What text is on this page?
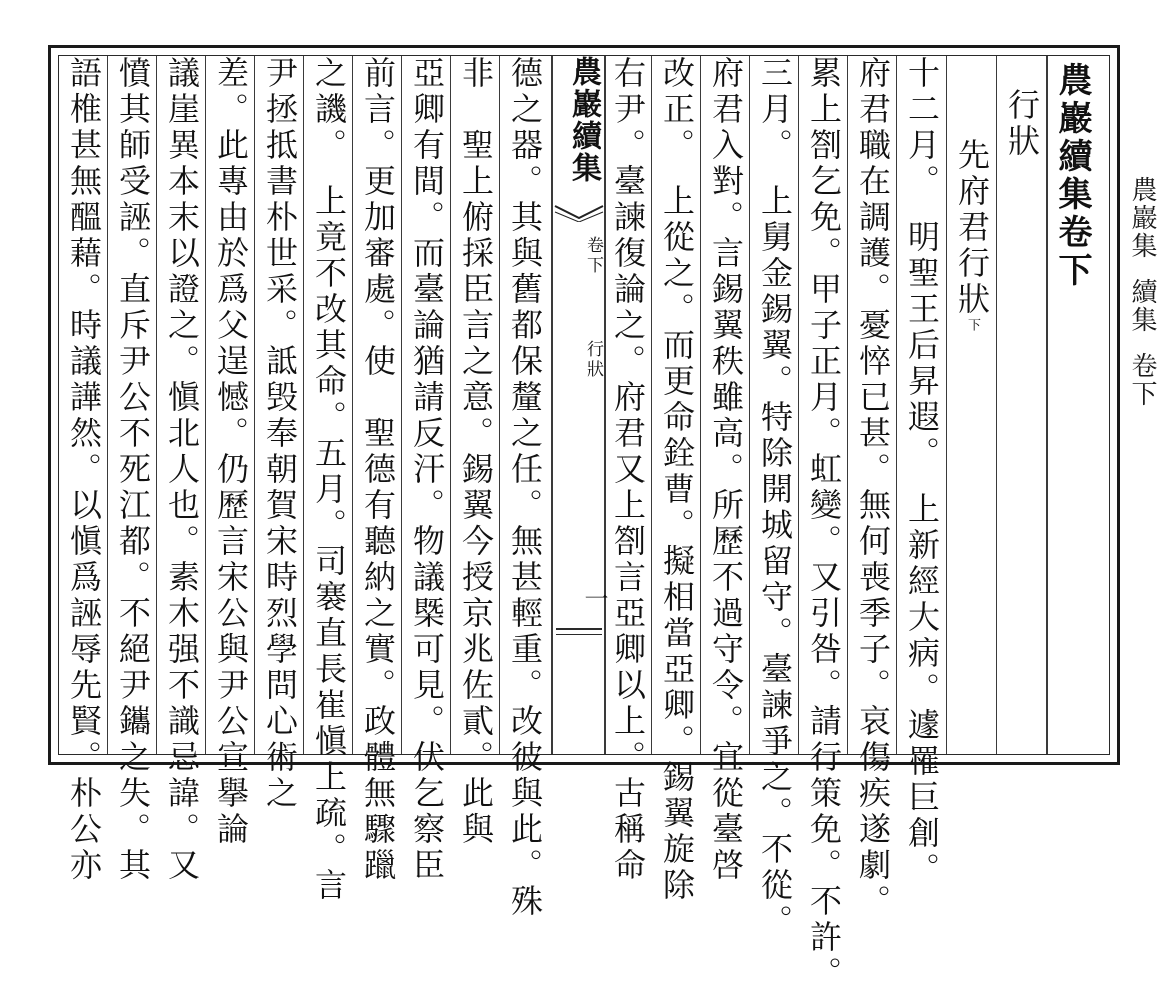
農巖續集卷下
行狀
先府君行狀下
十二月。　明聖王后昇遐。　上新經大病。遽罹巨創。
府君職在調護。憂悴已甚。無何喪季子。哀傷疾遂劇。
累上劄乞免。甲子正月。虹變。又引咎。請行策免。不許。
三月。　上舅金錫翼。特除開城留守。臺諫爭之。不從。
府君入對。言錫翼秩雖高。所歷不過守令。宜從臺啓
改正。　上從之。而更命銓曹。擬相當亞卿。錫翼旋除
右尹。臺諫復論之。府君又上劄言亞卿以上。古稱命
農巖續集
卷下
行狀
一
德之器。其與舊都保釐之任。無甚輕重。改彼與此。殊
非　聖上俯採臣言之意。錫翼今授京兆佐貳。此與
亞卿有間。而臺論猶請反汗。物議槩可見。伏乞察臣
前言。更加審處。使　聖德有聽納之實。政體無驟躐
之譏。　上竟不改其命。五月。司褰直長崔愼上疏。言
尹拯抵書朴世采。詆毁奉朝賀宋時烈學問心術之
差。此專由於爲父逞憾。仍歷言宋公與尹公宣擧論
議崖異本末以證之。愼北人也。素木强不識忌諱。又
憤其師受誣。直斥尹公不死江都。不絕尹鑴之失。其
語椎甚無醞藉。時議譁然。以愼爲誣辱先賢。朴公亦	農巖集續集卷下
